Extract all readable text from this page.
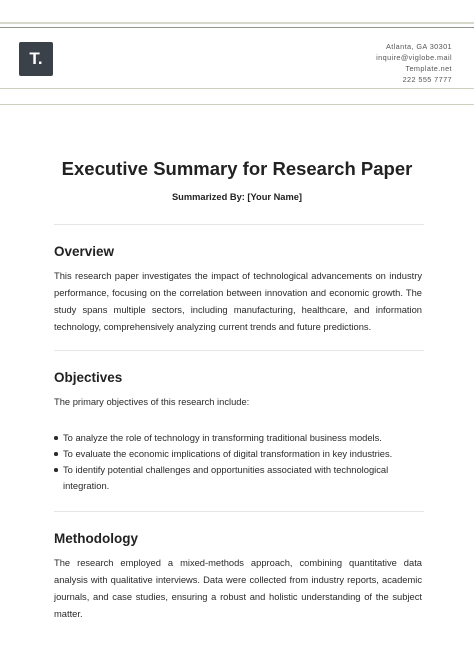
T.
Atlanta, GA 30301
inquire@viglobe.mail
Template.net
222 555 7777
Executive Summary for Research Paper
Summarized By: [Your Name]
Overview

This research paper investigates the impact of technological advancements on industry performance, focusing on the correlation between innovation and economic growth. The study spans multiple sectors, including manufacturing, healthcare, and information technology, comprehensively analyzing current trends and future predictions.

Objectives

The primary objectives of this research include:

To analyze the role of technology in transforming traditional business models.
To evaluate the economic implications of digital transformation in key industries.
To identify potential challenges and opportunities associated with technological integration.
Methodology

The research employed a mixed-methods approach, combining quantitative data analysis with qualitative interviews. Data were collected from industry reports, academic journals, and case studies, ensuring a robust and holistic understanding of the subject matter.
